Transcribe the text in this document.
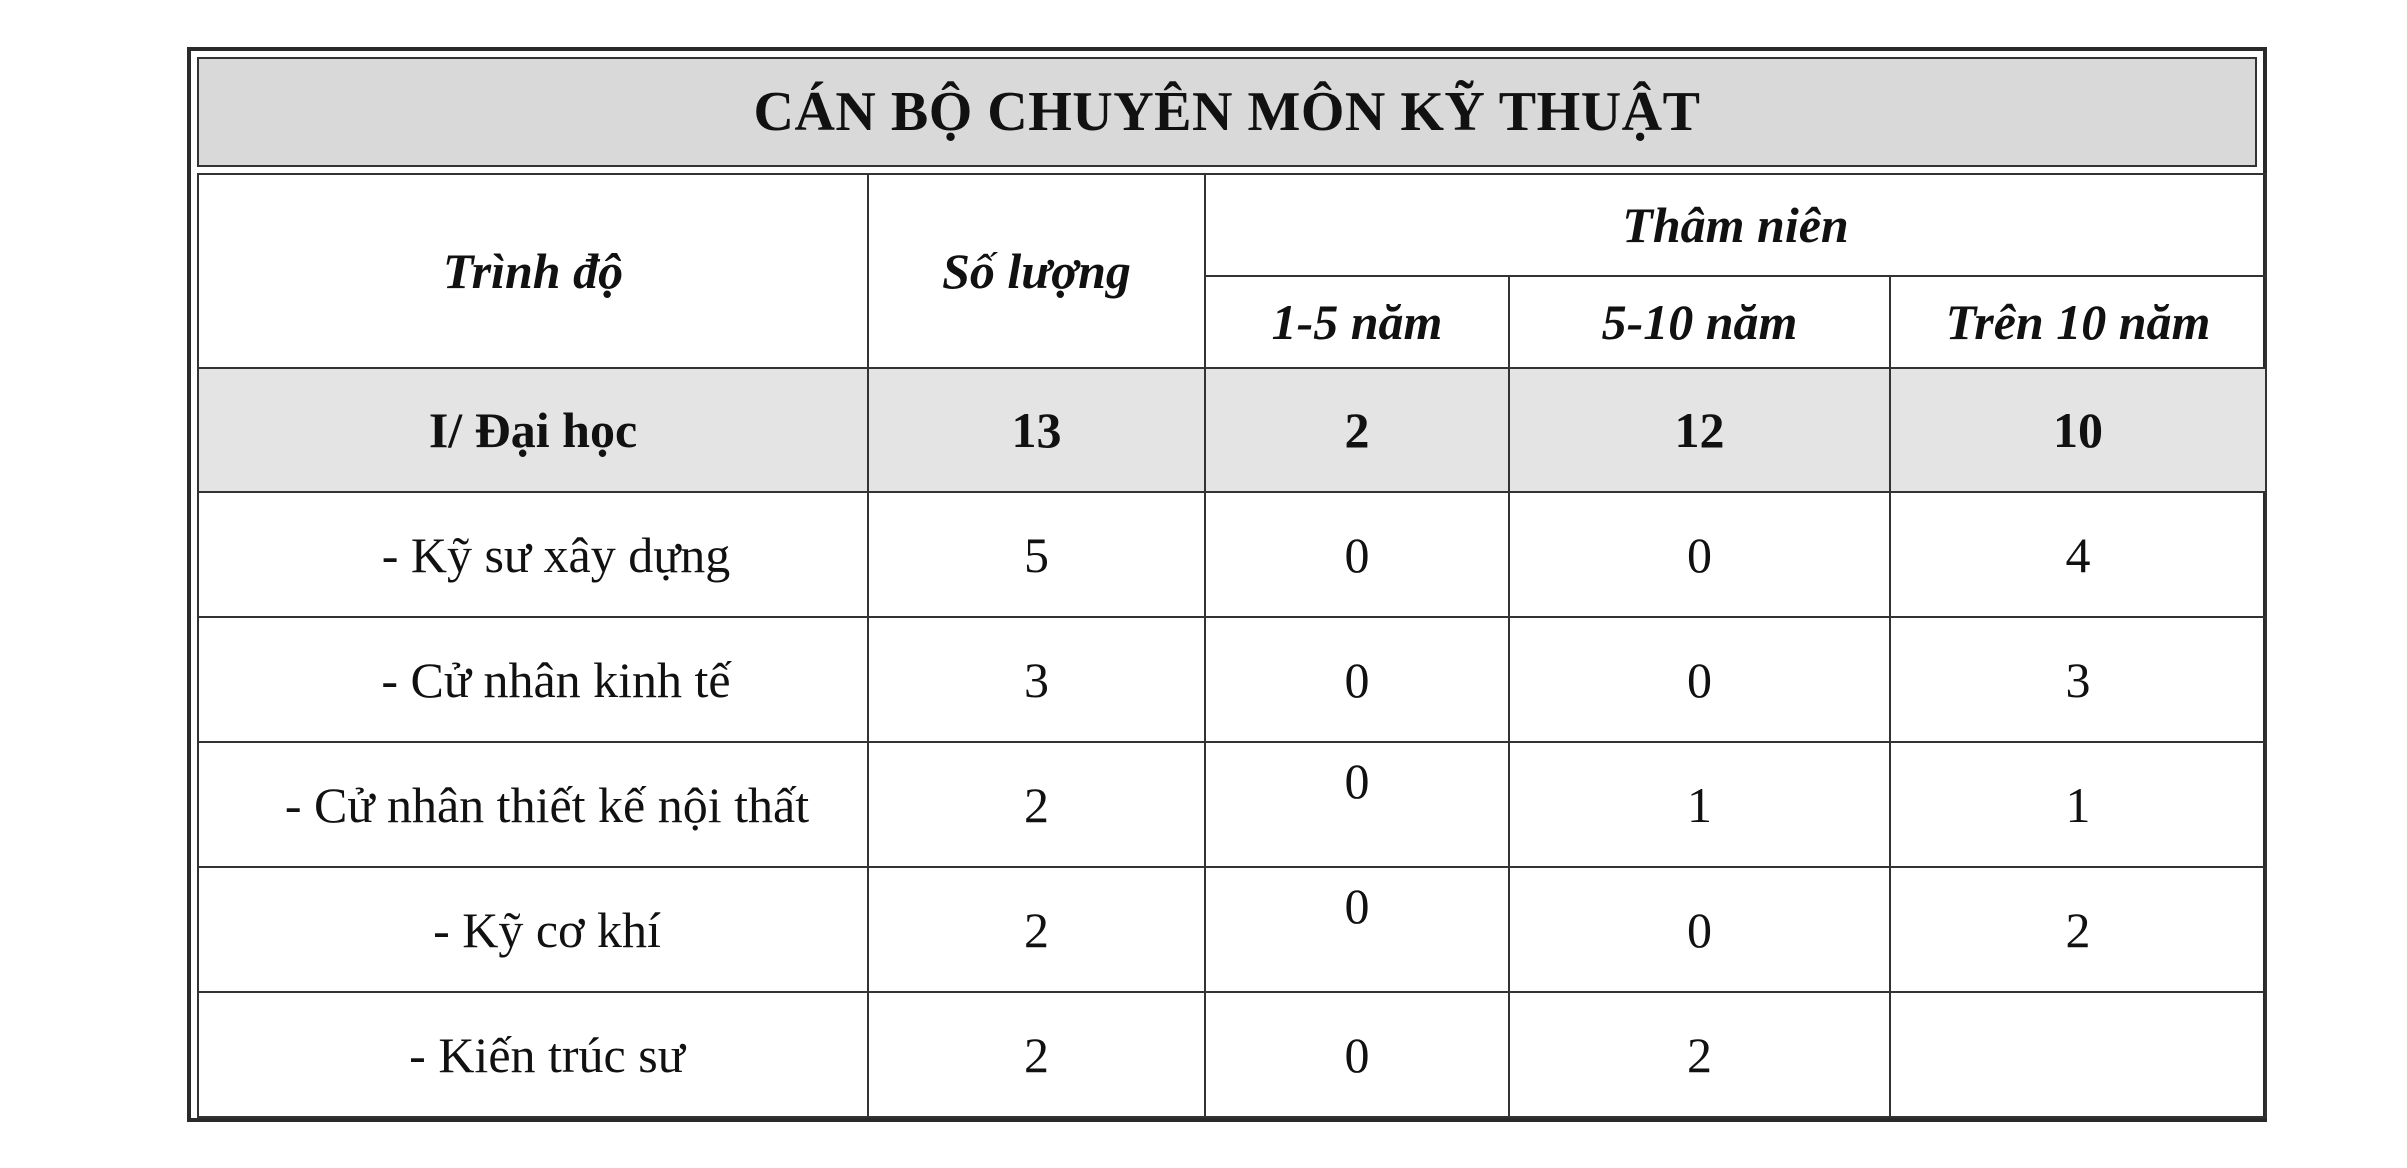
CÁN BỘ CHUYÊN MÔN KỸ THUẬT
Trình độ	Số lượng	Thâm niên		
		1-5 năm	5-10 năm	Trên 10 năm
I/ Đại học	13	2	12	10
- Kỹ sư xây dựng	5	0	0	4
- Cử nhân kinh tế	3	0	0	3
- Cử nhân thiết kế nội thất	2	0	1	1
- Kỹ cơ khí	2	0	0	2
- Kiến trúc sư	2	0	2	
